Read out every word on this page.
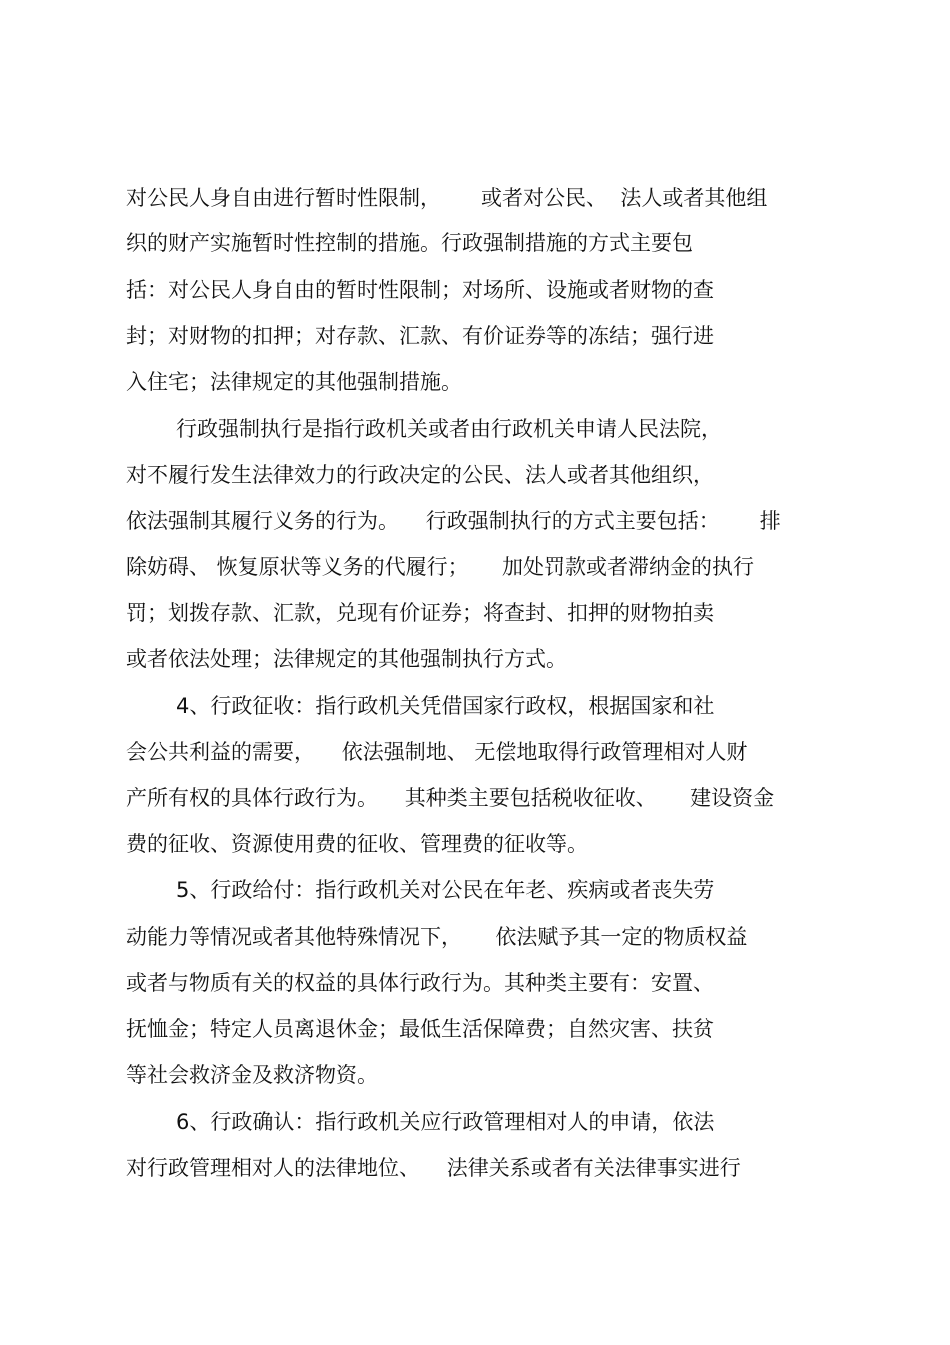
对公民人身自由进行暂时性限制，      或者对公民、  法人或者其他组
织的财产实施暂时性控制的措施。行政强制措施的方式主要包
括：对公民人身自由的暂时性限制；对场所、设施或者财物的查
封；对财物的扣押；对存款、汇款、有价证券等的冻结；强行进
入住宅；法律规定的其他强制措施。
行政强制执行是指行政机关或者由行政机关申请人民法院，
对不履行发生法律效力的行政决定的公民、法人或者其他组织，
依法强制其履行义务的行为。    行政强制执行的方式主要包括：      排
除妨碍、 恢复原状等义务的代履行；     加处罚款或者滞纳金的执行
罚；划拨存款、汇款，兑现有价证券；将查封、扣押的财物拍卖
或者依法处理；法律规定的其他强制执行方式。
4、行政征收：指行政机关凭借国家行政权，根据国家和社
会公共利益的需要，    依法强制地、 无偿地取得行政管理相对人财
产所有权的具体行政行为。    其种类主要包括税收征收、     建设资金
费的征收、资源使用费的征收、管理费的征收等。
5、行政给付：指行政机关对公民在年老、疾病或者丧失劳
动能力等情况或者其他特殊情况下，     依法赋予其一定的物质权益
或者与物质有关的权益的具体行政行为。其种类主要有：安置、
抚恤金；特定人员离退休金；最低生活保障费；自然灾害、扶贫
等社会救济金及救济物资。
6、行政确认：指行政机关应行政管理相对人的申请，依法
对行政管理相对人的法律地位、    法律关系或者有关法律事实进行
